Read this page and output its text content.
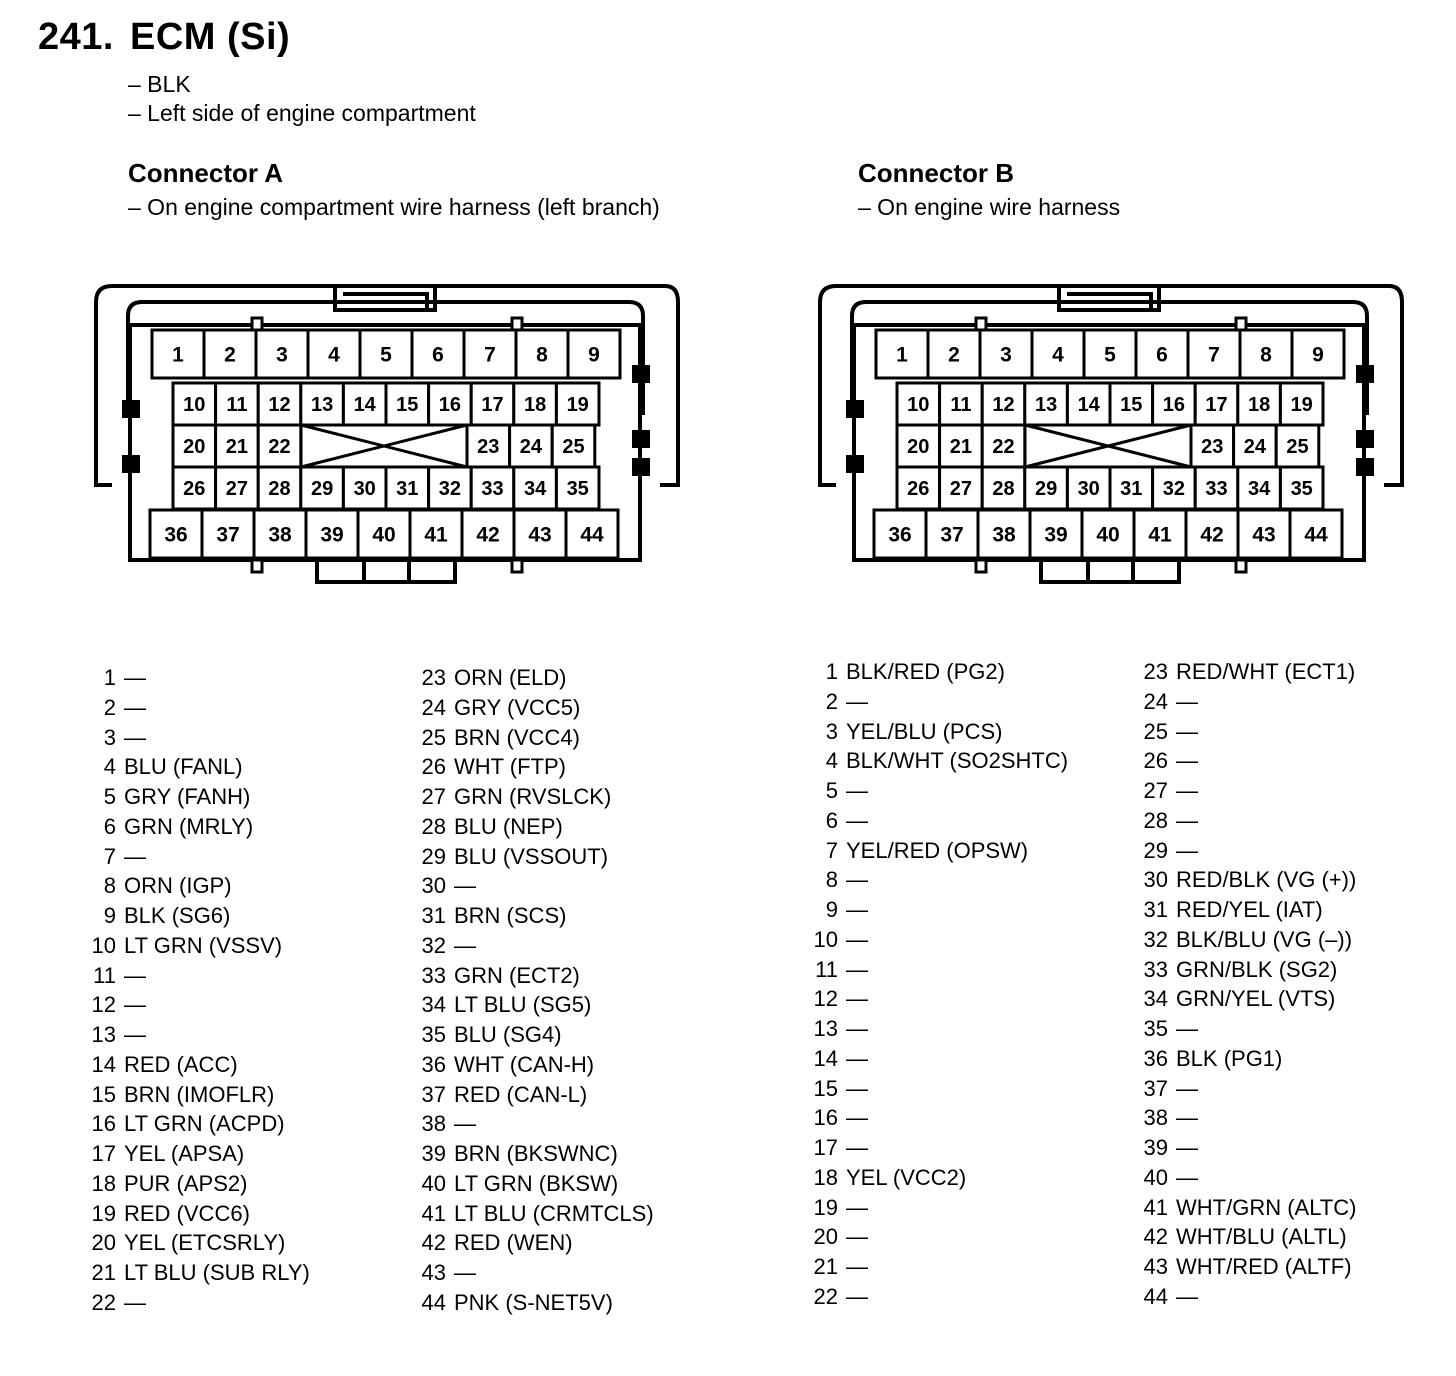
241. ECM (Si)
– BLK
– Left side of engine compartment
Connector A
– On engine compartment wire harness (left branch)
Connector B
– On engine wire harness
1 2 3 4 5 6 7 8 9
10 11 12 13 14 15 16 17 18 19
20 21 22	23 24 25
26 27 28 29 30 31 32 33 34 35
36 37 38 39 40 41 42 43 44
1 2 3 4 5 6 7 8 9
10 11 12 13 14 15 16 17 18 19
20 21 22	23 24 25
26 27 28 29 30 31 32 33 34 35
36 37 38 39 40 41 42 43 44
1 —
2 —
3 —
4 BLU (FANL)
5 GRY (FANH)
6 GRN (MRLY)
7 —
8 ORN (IGP)
9 BLK (SG6)
10 LT GRN (VSSV)
11 —
12 —
13 —
14 RED (ACC)
15 BRN (IMOFLR)
16 LT GRN (ACPD)
17 YEL (APSA)
18 PUR (APS2)
19 RED (VCC6)
20 YEL (ETCSRLY)
21 LT BLU (SUB RLY)
22 —
23 ORN (ELD)
24 GRY (VCC5)
25 BRN (VCC4)
26 WHT (FTP)
27 GRN (RVSLCK)
28 BLU (NEP)
29 BLU (VSSOUT)
30 —
31 BRN (SCS)
32 —
33 GRN (ECT2)
34 LT BLU (SG5)
35 BLU (SG4)
36 WHT (CAN-H)
37 RED (CAN-L)
38 —
39 BRN (BKSWNC)
40 LT GRN (BKSW)
41 LT BLU (CRMTCLS)
42 RED (WEN)
43 —
44 PNK (S-NET5V)
1 BLK/RED (PG2)
2 —
3 YEL/BLU (PCS)
4 BLK/WHT (SO2SHTC)
5 —
6 —
7 YEL/RED (OPSW)
8 —
9 —
10 —
11 —
12 —
13 —
14 —
15 —
16 —
17 —
18 YEL (VCC2)
19 —
20 —
21 —
22 —
23 RED/WHT (ECT1)
24 —
25 —
26 —
27 —
28 —
29 —
30 RED/BLK (VG (+))
31 RED/YEL (IAT)
32 BLK/BLU (VG (–))
33 GRN/BLK (SG2)
34 GRN/YEL (VTS)
35 —
36 BLK (PG1)
37 —
38 —
39 —
40 —
41 WHT/GRN (ALTC)
42 WHT/BLU (ALTL)
43 WHT/RED (ALTF)
44 —
